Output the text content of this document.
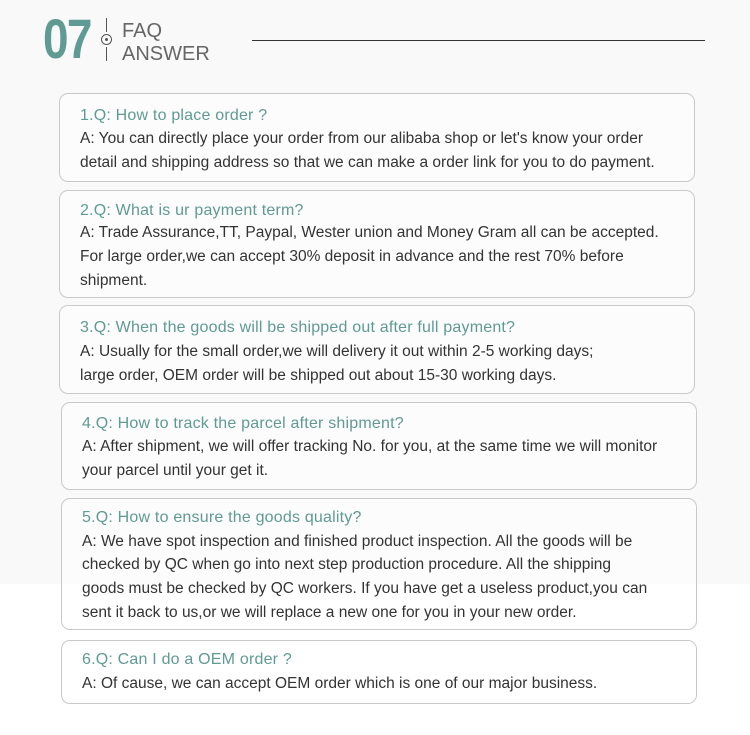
07 FAQ
ANSWER
1.Q: How to place order ?
A: You can directly place your order from our alibaba shop or let's know your order
detail and shipping address so that we can make a order link for you to do payment.
2.Q: What is ur payment term?
A: Trade Assurance,TT, Paypal, Wester union and Money Gram all can be accepted.
For large order,we can accept 30% deposit in advance and the rest 70% before
shipment.
3.Q: When the goods will be shipped out after full payment?
A: Usually for the small order,we will delivery it out within 2-5 working days;
large order, OEM order will be shipped out about 15-30 working days.
4.Q: How to track the parcel after shipment?
A: After shipment, we will offer tracking No. for you, at the same time we will monitor
your parcel until your get it.
5.Q: How to ensure the goods quality?
A: We have spot inspection and finished product inspection. All the goods will be
checked by QC when go into next step production procedure. All the shipping
goods must be checked by QC workers. If you have get a useless product,you can
sent it back to us,or we will replace a new one for you in your new order.
6.Q: Can I do a OEM order ?
A: Of cause, we can accept OEM order which is one of our major business.
